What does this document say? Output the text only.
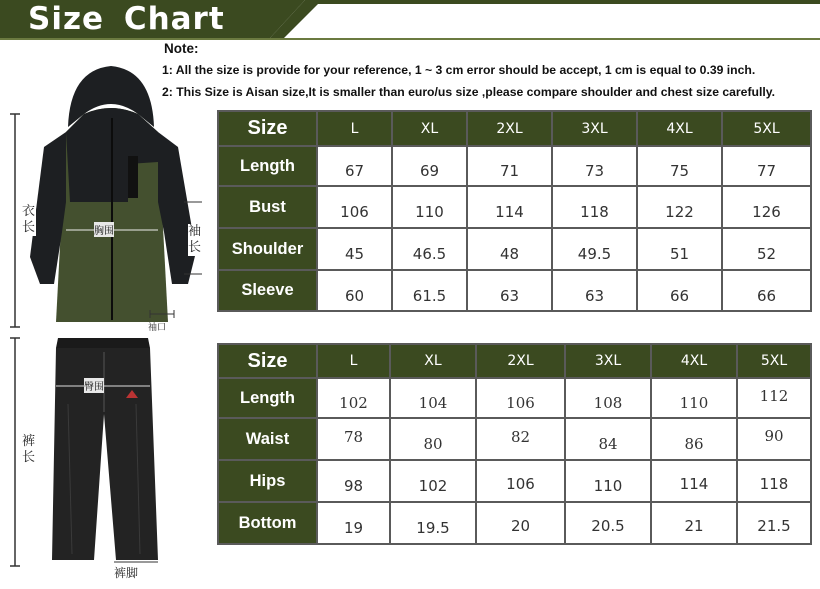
Size Chart
Note:
1: All the size is provide for your reference, 1 ~ 3 cm error should be accept, 1 cm is equal to 0.39 inch.
2: This Size is Aisan size,It is smaller than euro/us size ,please compare shoulder and chest size carefully.
衣长	胸围	袖长
袖口
臀围
裤长
裤脚
Size	L	XL	2XL	3XL	4XL	5XL
Length	67	69	71	73	75	77
Bust	106	110	114	118	122	126
Shoulder	45	46.5	48	49.5	51	52
Sleeve	60	61.5	63	63	66	66
Size	L	XL	2XL	3XL	4XL	5XL
Length	102	104	106	108	110	112
Waist	78	80	82	84	86	90
Hips	98	102	106	110	114	118
Bottom	19	19.5	20	20.5	21	21.5
